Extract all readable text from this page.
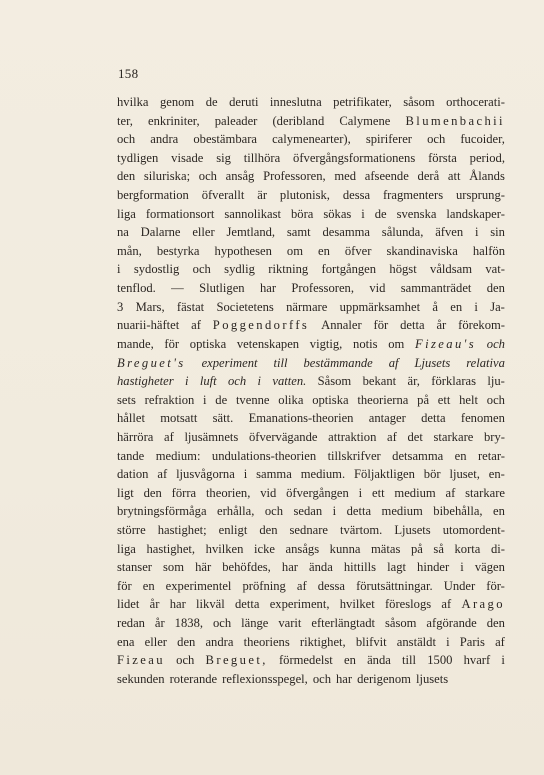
158
hvilka genom de deruti inneslutna petrifikater, såsom orthocerati-
ter, enkriniter, paleader (deribland Calymene Blumenbachii
och andra obestämbara calymenearter), spiriferer och fucoider,
tydligen visade sig tillhöra öfvergångsformationens första period,
den siluriska; och ansåg Professoren, med afseende derå att Ålands
bergformation öfverallt är plutonisk, dessa fragmenters ursprung-
liga formationsort sannolikast böra sökas i de svenska landskaper-
na Dalarne eller Jemtland, samt desamma sålunda, äfven i sin
mån, bestyrka hypothesen om en öfver skandinaviska halfön
i sydostlig och sydlig riktning fortgången högst våldsam vat-
tenflod. — Slutligen har Professoren, vid sammanträdet den
3 Mars, fästat Societetens närmare uppmärksamhet å en i Ja-
nuarii-häftet af Poggendorffs Annaler för detta år förekom-
mande, för optiska vetenskapen vigtig, notis om Fizeau's och
Breguet's experiment till bestämmande af Ljusets relativa
hastigheter i luft och i vatten. Såsom bekant är, förklaras lju-
sets refraktion i de tvenne olika optiska theorierna på ett helt och
hållet motsatt sätt. Emanations-theorien antager detta fenomen
härröra af ljusämnets öfvervägande attraktion af det starkare bry-
tande medium: undulations-theorien tillskrifver detsamma en retar-
dation af ljusvågorna i samma medium. Följaktligen bör ljuset, en-
ligt den förra theorien, vid öfvergången i ett medium af starkare
brytningsförmåga erhålla, och sedan i detta medium bibehålla, en
större hastighet; enligt den sednare tvärtom. Ljusets utomordent-
liga hastighet, hvilken icke ansågs kunna mätas på så korta di-
stanser som här behöfdes, har ända hittills lagt hinder i vägen
för en experimentel pröfning af dessa förutsättningar. Under för-
lidet år har likväl detta experiment, hvilket föreslogs af Arago
redan år 1838, och länge varit efterlängtadt såsom afgörande den
ena eller den andra theoriens riktighet, blifvit anstäldt i Paris af
Fizeau och Breguet, förmedelst en ända till 1500 hvarf i
sekunden roterande reflexionsspegel, och har derigenom ljusets
